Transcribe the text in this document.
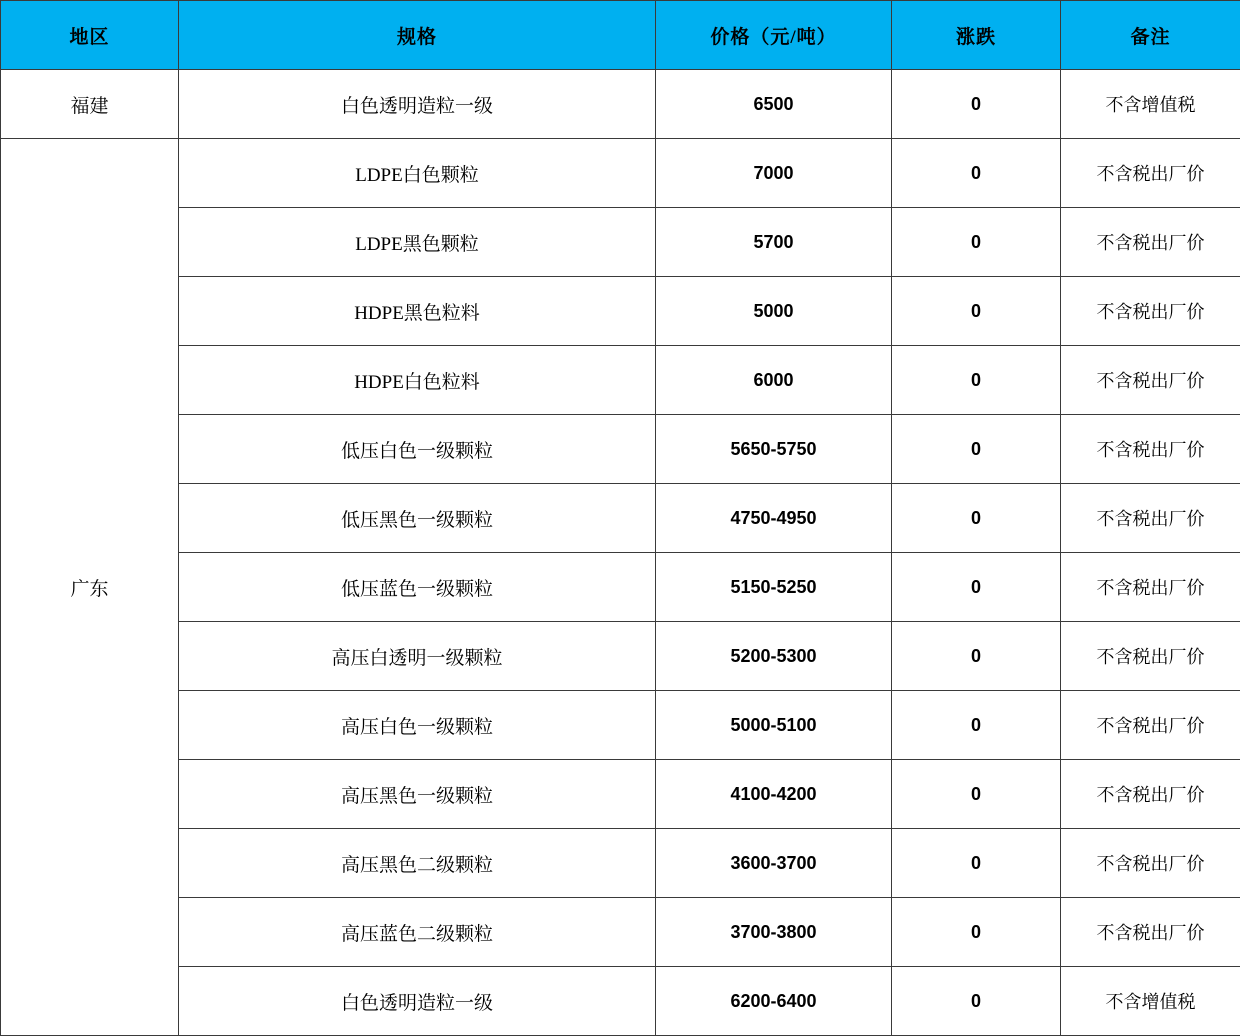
地区	规格	价格（元/吨）	涨跌	备注
福建	白色透明造粒一级	6500	0	不含增值税
广东	LDPE白色颗粒	7000	0	不含税出厂价
	LDPE黑色颗粒	5700	0	不含税出厂价
	HDPE黑色粒料	5000	0	不含税出厂价
	HDPE白色粒料	6000	0	不含税出厂价
	低压白色一级颗粒	5650-5750	0	不含税出厂价
	低压黑色一级颗粒	4750-4950	0	不含税出厂价
	低压蓝色一级颗粒	5150-5250	0	不含税出厂价
	高压白透明一级颗粒	5200-5300	0	不含税出厂价
	高压白色一级颗粒	5000-5100	0	不含税出厂价
	高压黑色一级颗粒	4100-4200	0	不含税出厂价
	高压黑色二级颗粒	3600-3700	0	不含税出厂价
	高压蓝色二级颗粒	3700-3800	0	不含税出厂价
	白色透明造粒一级	6200-6400	0	不含增值税
